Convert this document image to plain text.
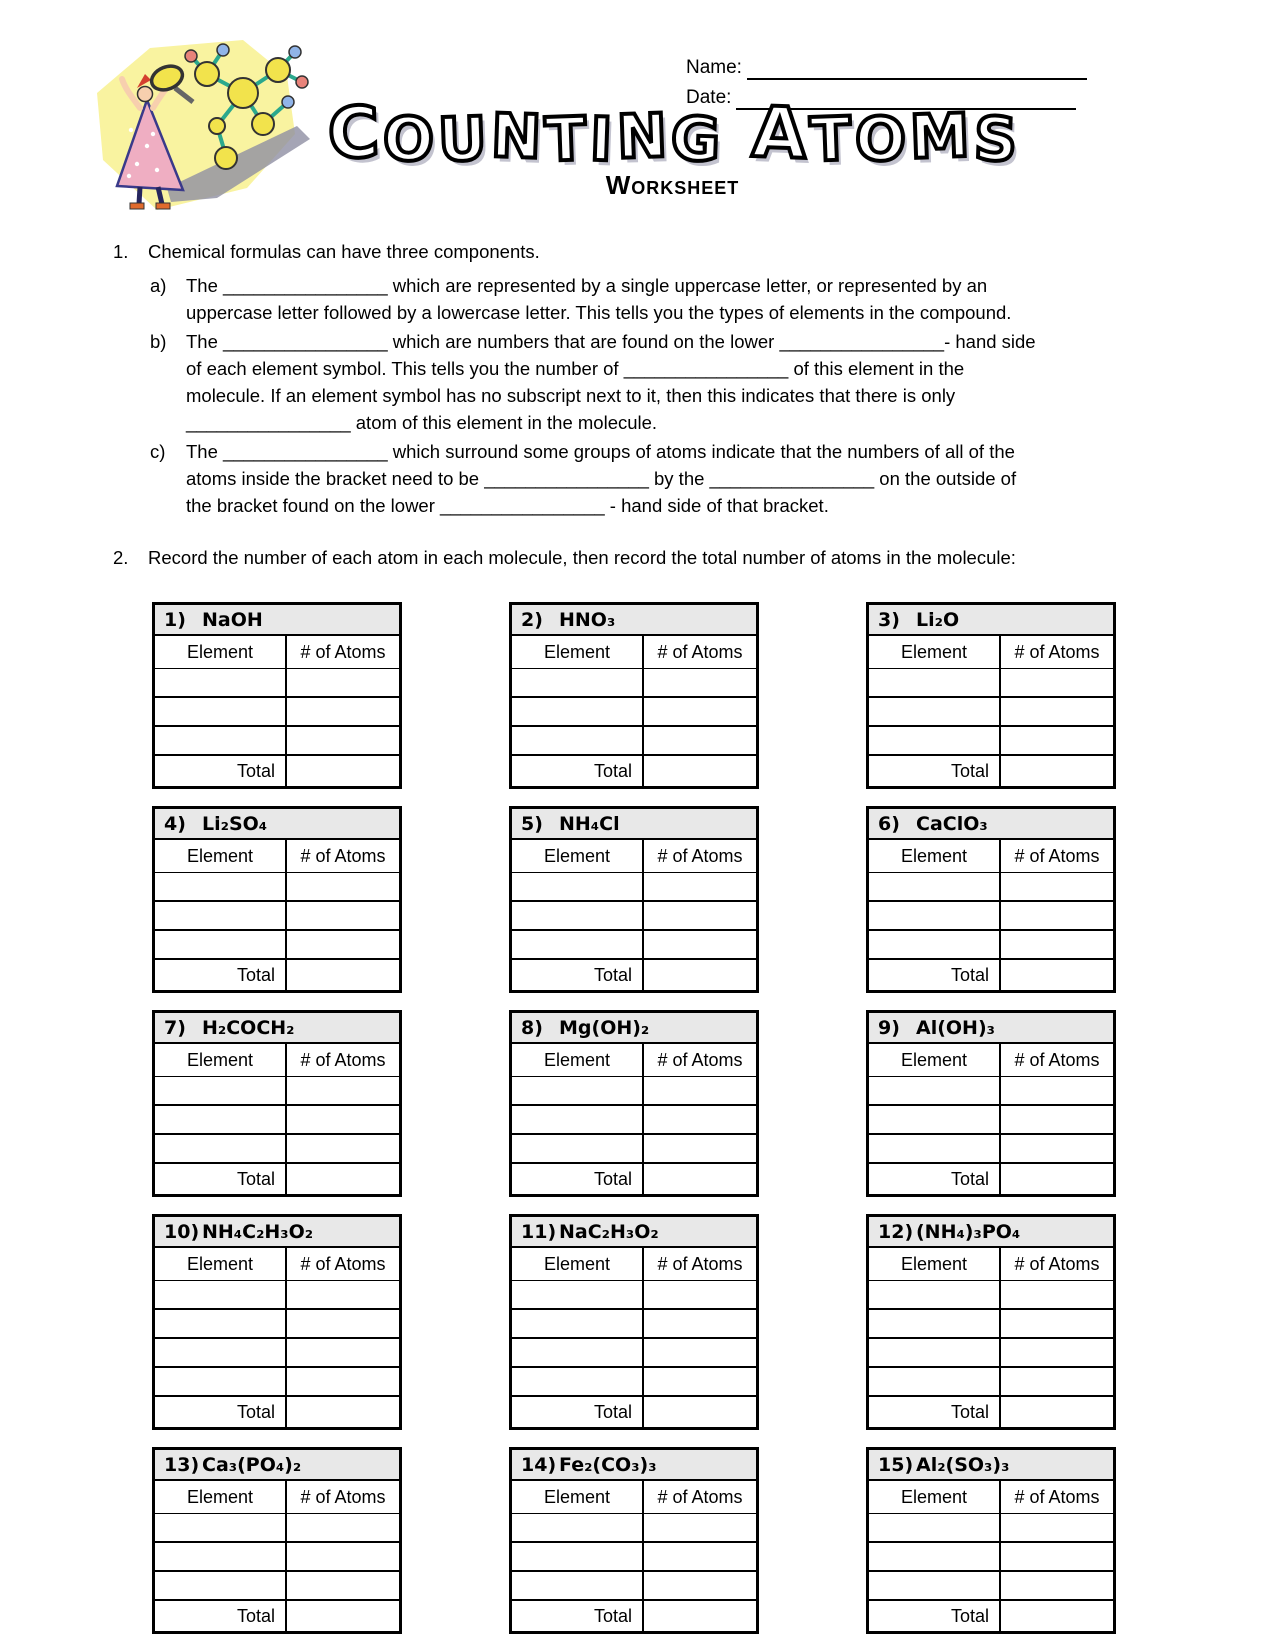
Name:
Date:
COUNTING ATOMS
Worksheet
1.	Chemical formulas can have three components.
a)	The ________________ which are represented by a single uppercase letter, or represented by an
uppercase letter followed by a lowercase letter. This tells you the types of elements in the compound.
b)	The ________________ which are numbers that are found on the lower ________________- hand side
of each element symbol. This tells you the number of ________________ of this element in the
molecule. If an element symbol has no subscript next to it, then this indicates that there is only
________________ atom of this element in the molecule.
c)	The ________________ which surround some groups of atoms indicate that the numbers of all of the
atoms inside the bracket need to be ________________ by the ________________ on the outside of
the bracket found on the lower ________________ - hand side of that bracket.
2.	Record the number of each atom in each molecule, then record the total number of atoms in the molecule:
1) NaOH
Element	# of Atoms
Total
2) HNO₃
Element	# of Atoms
Total
3) Li₂O
Element	# of Atoms
Total
4) Li₂SO₄
Element	# of Atoms
Total
5) NH₄Cl
Element	# of Atoms
Total
6) CaClO₃
Element	# of Atoms
Total
7) H₂COCH₂
Element	# of Atoms
Total
8) Mg(OH)₂
Element	# of Atoms
Total
9) Al(OH)₃
Element	# of Atoms
Total
10) NH₄C₂H₃O₂
Element	# of Atoms
Total
11) NaC₂H₃O₂
Element	# of Atoms
Total
12) (NH₄)₃PO₄
Element	# of Atoms
Total
13) Ca₃(PO₄)₂
Element	# of Atoms
Total
14) Fe₂(CO₃)₃
Element	# of Atoms
Total
15) Al₂(SO₃)₃
Element	# of Atoms
Total
